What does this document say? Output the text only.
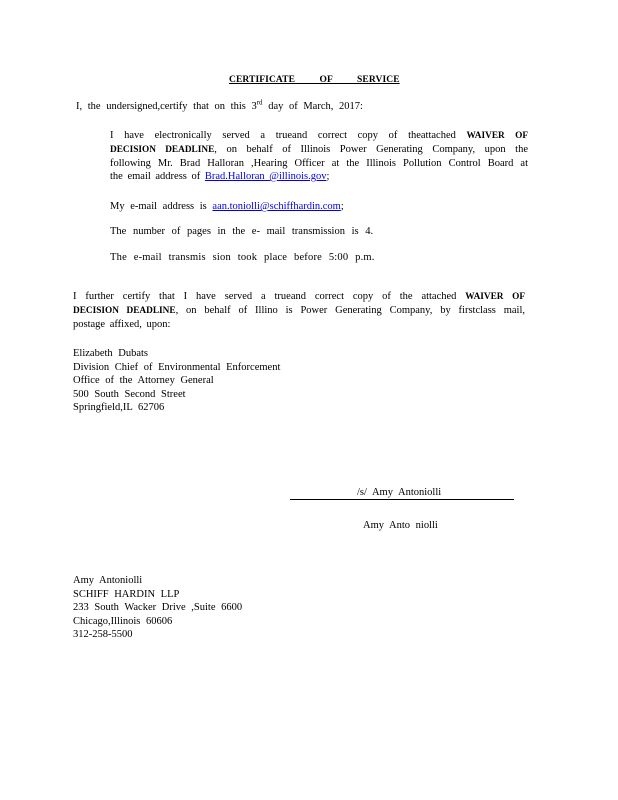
CERTIFICATE OF SERVICE
I, the undersigned,certify that on this 3rd day of March, 2017:

I have electronically served a trueand correct copy of theattached WAIVER OF

DECISION DEADLINE, on behalf of Illinois Power Generating Company, upon the

following Mr. Brad Halloran ,Hearing Officer at the Illinois Pollution Control Board at

the email address of Brad.Halloran @illinois.gov;

My e-mail address is aan.toniolli@schiffhardin.com;
The number of pages in the e- mail transmission is 4.
The e-mail transmis sion took place before 5:00 p.m.

I further certify that I have served a trueand correct copy of the attached WAIVER OF

DECISION DEADLINE, on behalf of Illino is Power Generating Company, by firstclass mail,

postage affixed, upon:

Elizabeth Dubats
Division Chief of Environmental Enforcement
Office of the Attorney General
500 South Second Street
Springfield,IL 62706
/s/ Amy Antoniolli
Amy Anto niolli
Amy Antoniolli
SCHIFF HARDIN LLP
233 South Wacker Drive ,Suite 6600
Chicago,Illinois 60606
312-258-5500
